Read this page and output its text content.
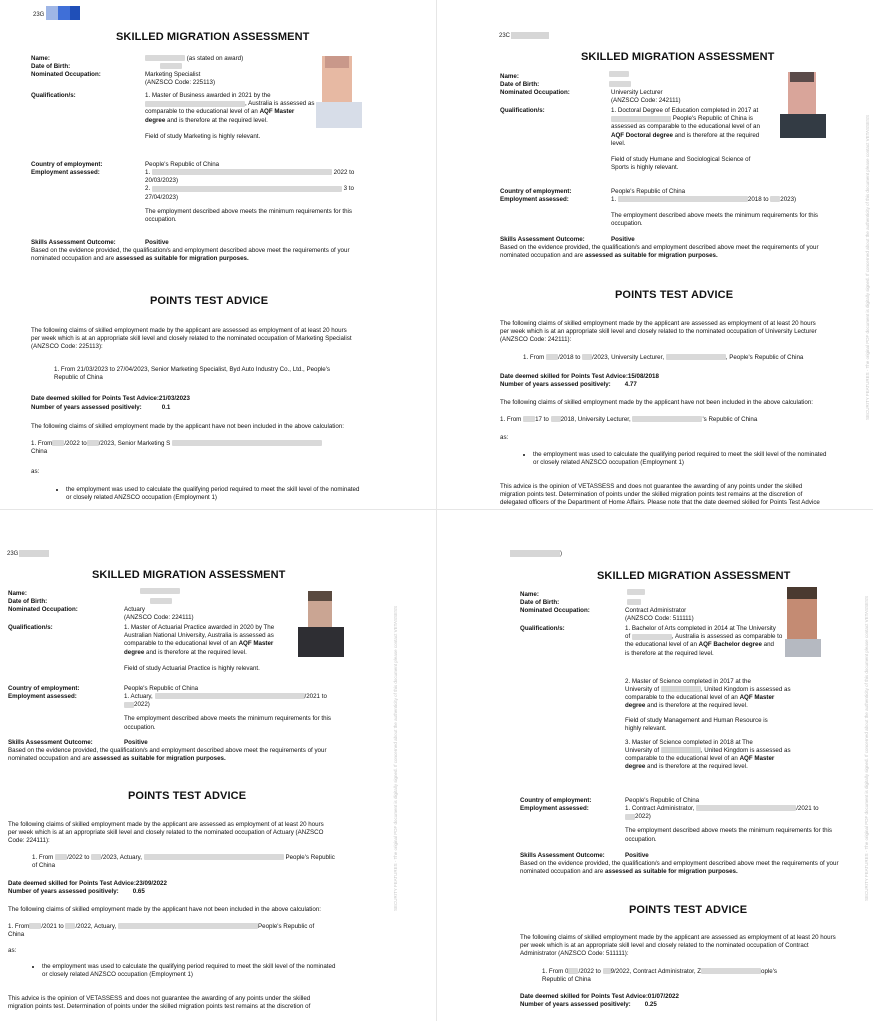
23G
SKILLED MIGRATION ASSESSMENT
Name:	(as stated on award)
Date of Birth:
Nominated Occupation:	Marketing Specialist
(ANZSCO Code: 225113)
Qualification/s:	1. Master of Business awarded in 2021 by the
, Australia is assessed as
comparable to the educational level of an AQF Master
degree and is therefore at the required level.
Field of study Marketing is highly relevant.
Country of employment:	People's Republic of China
Employment assessed:	1.	2022 to
20/03/2023)
2.	3 to
27/04/2023)
The employment described above meets the minimum requirements for this
occupation.
Skills Assessment Outcome:	Positive
Based on the evidence provided, the qualification/s and employment described above meet the requirements of your
nominated occupation and are assessed as suitable for migration purposes.
POINTS TEST ADVICE
The following claims of skilled employment made by the applicant are assessed as employment of at least 20 hours
per week which is at an appropriate skill level and closely related to the nominated occupation of Marketing Specialist
(ANZSCO Code: 225113):
1. From 21/03/2023 to 27/04/2023, Senior Marketing Specialist, Byd Auto Industry Co., Ltd., People's
Republic of China
Date deemed skilled for Points Test Advice:21/03/2023
Number of years assessed positively:	0.1
The following claims of skilled employment made by the applicant have not been included in the above calculation:
1. From /2022 to /2023, Senior Marketing S
China
as:
• the employment was used to calculate the qualifying period required to meet the skill level of the nominated
or closely related ANZSCO occupation (Employment 1)
23C
SKILLED MIGRATION ASSESSMENT
Name:
Date of Birth:
Nominated Occupation:	University Lecturer
(ANZSCO Code: 242111)
Qualification/s:	1. Doctoral Degree of Education completed in 2017 at
People's Republic of China is
assessed as comparable to the educational level of an
AQF Doctoral degree and is therefore at the required
level.
Field of study Humane and Sociological Science of
Sports is highly relevant.
Country of employment:	People's Republic of China
Employment assessed:	1.	2018 to 2023)
The employment described above meets the minimum requirements for this
occupation.
Skills Assessment Outcome:	Positive
Based on the evidence provided, the qualification/s and employment described above meet the requirements of your
nominated occupation and are assessed as suitable for migration purposes.
POINTS TEST ADVICE
The following claims of skilled employment made by the applicant are assessed as employment of at least 20 hours
per week which is at an appropriate skill level and closely related to the nominated occupation of University Lecturer
(ANZSCO Code: 242111):
1. From /2018 to /2023, University Lecturer,	, People's Republic of China
Date deemed skilled for Points Test Advice:15/08/2018
Number of years assessed positively: 4.77
The following claims of skilled employment made by the applicant have not been included in the above calculation:
1. From 17 to 2018, University Lecturer,	's Republic of China
as:
• the employment was used to calculate the qualifying period required to meet the skill level of the nominated
or closely related ANZSCO occupation (Employment 1)
This advice is the opinion of VETASSESS and does not guarantee the awarding of any points under the skilled
migration points test. Determination of points under the skilled migration points test remains at the discretion of
delegated officers of the Department of Home Affairs. Please note that the date deemed skilled for Points Test Advice
SECURITY FEATURES - The original PDF document is digitally signed. If concerned about the authenticity of this document please contact VETASSESS
23G
SKILLED MIGRATION ASSESSMENT
Name:
Date of Birth:
Nominated Occupation:	Actuary
(ANZSCO Code: 224111)
Qualification/s:	1. Master of Actuarial Practice awarded in 2020 by The
Australian National University, Australia is assessed as
comparable to the educational level of an AQF Master
degree and is therefore at the required level.
Field of study Actuarial Practice is highly relevant.
Country of employment:	People's Republic of China
Employment assessed:	1. Actuary,	/2021 to
2022)
The employment described above meets the minimum requirements for this
occupation.
Skills Assessment Outcome:	Positive
Based on the evidence provided, the qualification/s and employment described above meet the requirements of your
nominated occupation and are assessed as suitable for migration purposes.
POINTS TEST ADVICE
The following claims of skilled employment made by the applicant are assessed as employment of at least 20 hours
per week which is at an appropriate skill level and closely related to the nominated occupation of Actuary (ANZSCO
Code: 224111):
1. From /2022 to /2023, Actuary,	People's Republic
of China
Date deemed skilled for Points Test Advice:23/09/2022
Number of years assessed positively: 0.65
The following claims of skilled employment made by the applicant have not been included in the above calculation:
1. From /2021 to /2022, Actuary,	People's Republic of
China
as:
• the employment was used to calculate the qualifying period required to meet the skill level of the nominated
or closely related ANZSCO occupation (Employment 1)
This advice is the opinion of VETASSESS and does not guarantee the awarding of any points under the skilled
migration points test. Determination of points under the skilled migration points test remains at the discretion of
SECURITY FEATURES - The original PDF document is digitally signed. If concerned about the authenticity of this document please contact VETASSESS
)
SKILLED MIGRATION ASSESSMENT
Name:
Date of Birth:
Nominated Occupation:	Contract Administrator
(ANZSCO Code: 511111)
Qualification/s:	1. Bachelor of Arts completed in 2014 at The University
of	, Australia is assessed as comparable to
the educational level of an AQF Bachelor degree and
is therefore at the required level.
2. Master of Science completed in 2017 at the
University of	, United Kingdom is assessed as
comparable to the educational level of an AQF Master
degree and is therefore at the required level.
Field of study Management and Human Resource is
highly relevant.
3. Master of Science completed in 2018 at The
University of	, United Kingdom is assessed as
comparable to the educational level of an AQF Master
degree and is therefore at the required level.
Country of employment:	People's Republic of China
Employment assessed:	1. Contract Administrator,	/2021 to
2022)
The employment described above meets the minimum requirements for this
occupation.
Skills Assessment Outcome:	Positive
Based on the evidence provided, the qualification/s and employment described above meet the requirements of your
nominated occupation and are assessed as suitable for migration purposes.
POINTS TEST ADVICE
The following claims of skilled employment made by the applicant are assessed as employment of at least 20 hours
per week which is at an appropriate skill level and closely related to the nominated occupation of Contract
Administrator (ANZSCO Code: 511111):
1. From 0 /2022 to 9/2022, Contract Administrator, Z	ople's
Republic of China
Date deemed skilled for Points Test Advice:01/07/2022
Number of years assessed positively: 0.25
SECURITY FEATURES - The original PDF document is digitally signed. If concerned about the authenticity of this document please contact VETASSESS
